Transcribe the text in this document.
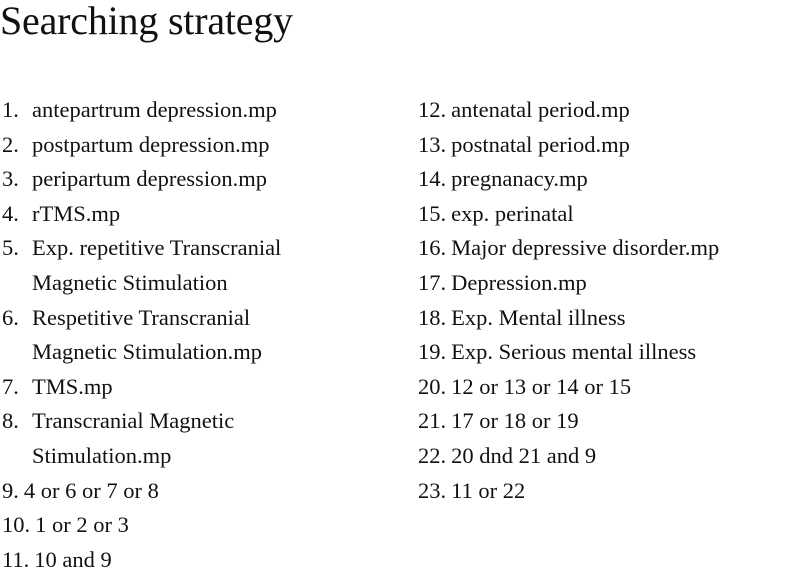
Searching strategy
1. antepartrum depression.mp
2. postpartum depression.mp
3. peripartum depression.mp
4. rTMS.mp
5. Exp. repetitive Transcranial
Magnetic Stimulation
6. Respetitive Transcranial
Magnetic Stimulation.mp
7. TMS.mp
8. Transcranial Magnetic
Stimulation.mp
9. 4 or 6 or 7 or 8
10. 1 or 2 or 3
11. 10 and 9
12. antenatal period.mp
13. postnatal period.mp
14. pregnanacy.mp
15. exp. perinatal
16. Major depressive disorder.mp
17. Depression.mp
18. Exp. Mental illness
19. Exp. Serious mental illness
20. 12 or 13 or 14 or 15
21. 17 or 18 or 19
22. 20 dnd 21 and 9
23. 11 or 22
